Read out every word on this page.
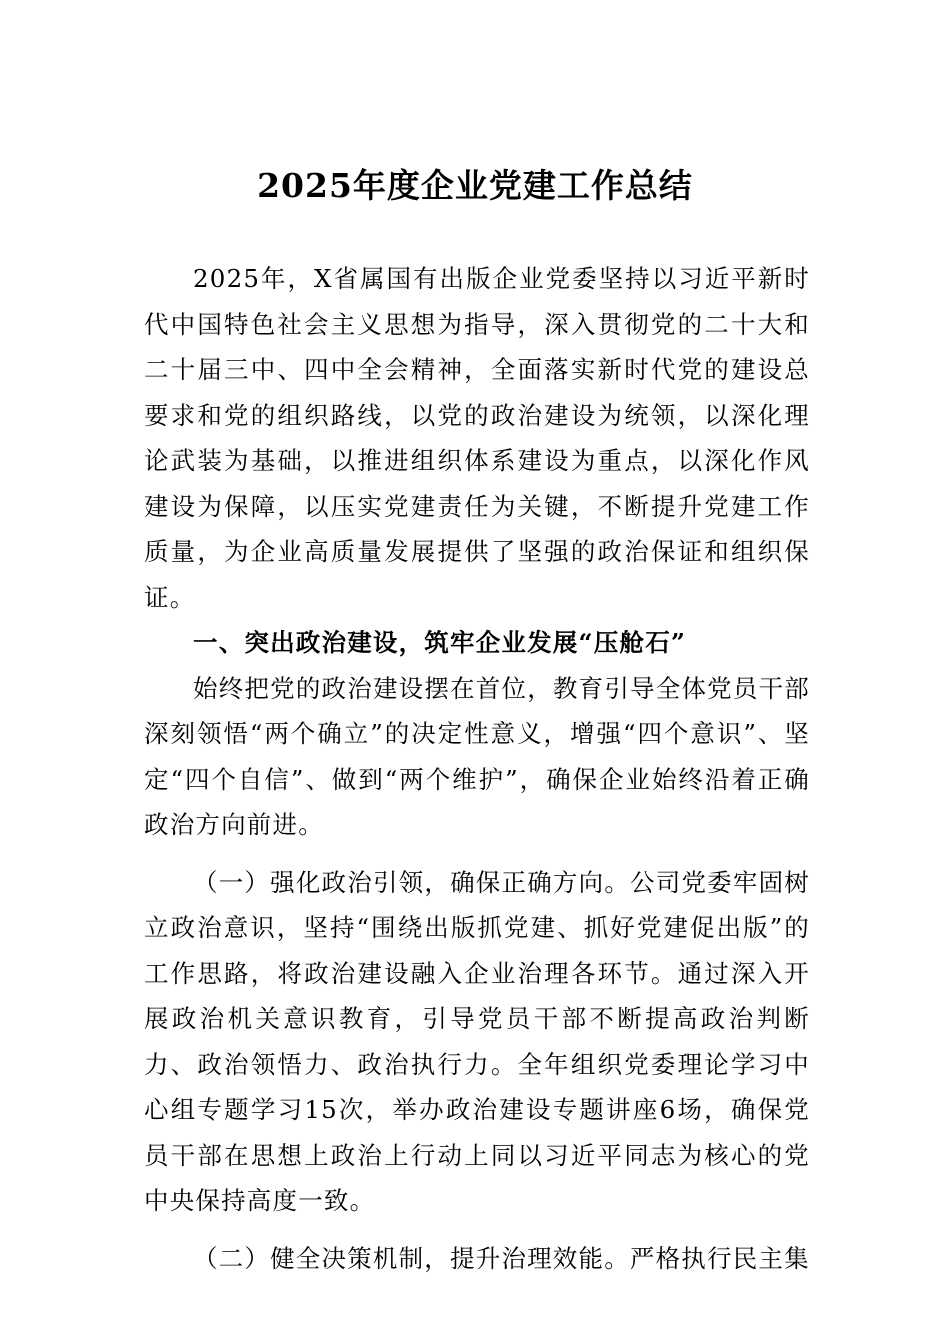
2025年度企业党建工作总结

2025年，X省属国有出版企业党委坚持以习近平新时代中国特色社会主义思想为指导，深入贯彻党的二十大和二十届三中、四中全会精神，全面落实新时代党的建设总要求和党的组织路线，以党的政治建设为统领，以深化理论武装为基础，以推进组织体系建设为重点，以深化作风建设为保障，以压实党建责任为关键，不断提升党建工作质量，为企业高质量发展提供了坚强的政治保证和组织保证。

一、突出政治建设，筑牢企业发展“压舱石”

始终把党的政治建设摆在首位，教育引导全体党员干部深刻领悟“两个确立”的决定性意义，增强“四个意识”、坚定“四个自信”、做到“两个维护”，确保企业始终沿着正确政治方向前进。

（一）强化政治引领，确保正确方向。公司党委牢固树立政治意识，坚持“围绕出版抓党建、抓好党建促出版”的工作思路，将政治建设融入企业治理各环节。通过深入开展政治机关意识教育，引导党员干部不断提高政治判断力、政治领悟力、政治执行力。全年组织党委理论学习中心组专题学习15次，举办政治建设专题讲座6场，确保党员干部在思想上政治上行动上同以习近平同志为核心的党中央保持高度一致。

（二）健全决策机制，提升治理效能。严格执行民主集
